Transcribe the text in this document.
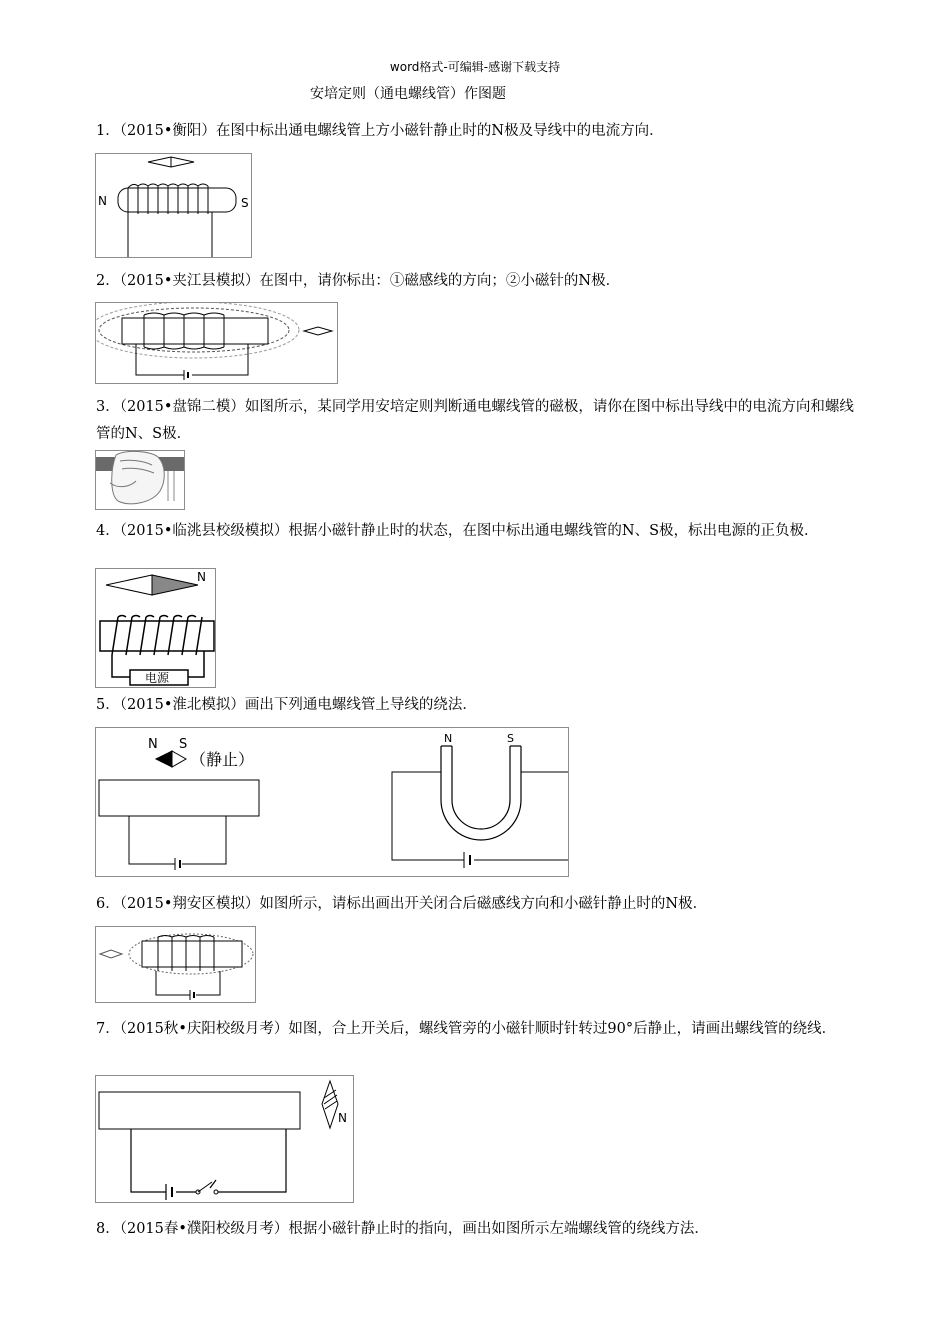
word格式-可编辑-感谢下载支持
安培定则（通电螺线管）作图题
1．（2015•衡阳）在图中标出通电螺线管上方小磁针静止时的N极及导线中的电流方向．
N	S
2．（2015•夹江县模拟）在图中，请你标出：①磁感线的方向；②小磁针的N极．
3．（2015•盘锦二模）如图所示，某同学用安培定则判断通电螺线管的磁极，请你在图中标出导线中的电流方向和螺线管的N、S极．
4．（2015•临洮县校级模拟）根据小磁针静止时的状态，在图中标出通电螺线管的N、S极，标出电源的正负极．
N
电源
5．（2015•淮北模拟）画出下列通电螺线管上导线的绕法．
N S
（静止）
N	S
6．（2015•翔安区模拟）如图所示，请标出画出开关闭合后磁感线方向和小磁针静止时的N极．
7．（2015秋•庆阳校级月考）如图，合上开关后，螺线管旁的小磁针顺时针转过90°后静止，请画出螺线管的绕线．
N
8．（2015春•濮阳校级月考）根据小磁针静止时的指向，画出如图所示左端螺线管的绕线方法．
